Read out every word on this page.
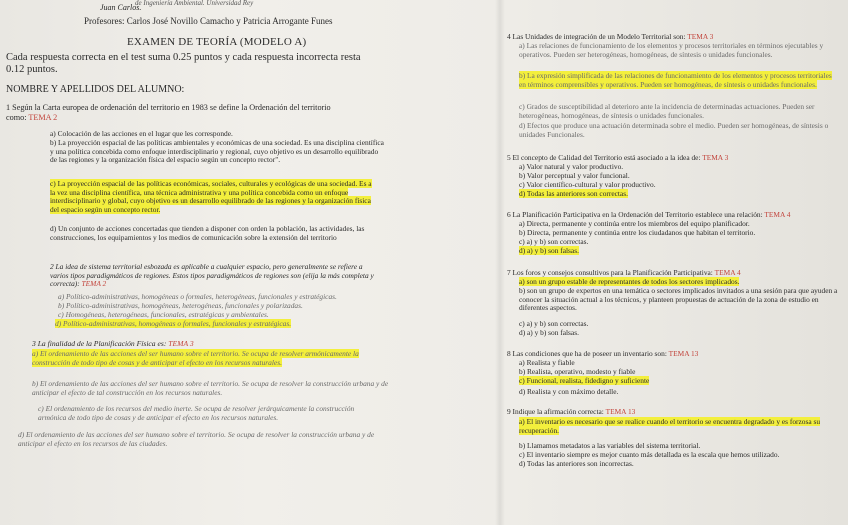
de Ingeniería Ambiental. Universidad Rey
Juan Carlos.
Profesores: Carlos José Novillo Camacho y Patricia Arrogante Funes
EXAMEN DE TEORÍA (MODELO A)
Cada respuesta correcta en el test suma 0.25 puntos y cada respuesta incorrecta resta 0.12 puntos.
NOMBRE Y APELLIDOS DEL ALUMNO:
1 Según la Carta europea de ordenación del territorio en 1983 se define la Ordenación del territorio como: TEMA 2
a) Colocación de las acciones en el lugar que les corresponde.
b) La proyección espacial de las políticas ambientales y económicas de una sociedad. Es una disciplina científica y una política concebida como enfoque interdisciplinario y regional, cuyo objetivo es un desarrollo equilibrado de las regiones y la organización física del espacio según un concepto rector".
c) La proyección espacial de las políticas económicas, sociales, culturales y ecológicas de una sociedad. Es a la vez una disciplina científica, una técnica administrativa y una política concebida como un enfoque interdisciplinario y global, cuyo objetivo es un desarrollo equilibrado de las regiones y la organización física del espacio según un concepto rector.
d) Un conjunto de acciones concertadas que tienden a disponer con orden la población, las actividades, las construcciones, los equipamientos y los medios de comunicación sobre la extensión del territorio
2 La idea de sistema territorial esbozada es aplicable a cualquier espacio, pero generalmente se refiere a varios tipos paradigmáticos de regiones. Estos tipos paradigmáticos de regiones son (elija la más completa y correcta): TEMA 2
a) Político-administrativas, homogéneas o formales, heterogéneas, funcionales y estratégicas.
b) Político-administrativas, homogéneas, heterogéneas, funcionales y polarizadas.
c) Homogéneas, heterogéneas, funcionales, estratégicas y ambientales.
d) Político-administrativas, homogéneas o formales, funcionales y estratégicas.
3 La finalidad de la Planificación Física es: TEMA 3
a) El ordenamiento de las acciones del ser humano sobre el territorio. Se ocupa de resolver armónicamente la construcción de todo tipo de cosas y de anticipar el efecto en los recursos naturales.
b) El ordenamiento de las acciones del ser humano sobre el territorio. Se ocupa de resolver la construcción urbana y de anticipar el efecto de tal construcción en los recursos naturales.
c) El ordenamiento de los recursos del medio inerte. Se ocupa de resolver jerárquicamente la construcción armónica de todo tipo de cosas y de anticipar el efecto en los recursos naturales.
d) El ordenamiento de las acciones del ser humano sobre el territorio. Se ocupa de resolver la construcción urbana y de anticipar el efecto en los recursos de las ciudades.
4 Las Unidades de integración de un Modelo Territorial son: TEMA 3
a) Las relaciones de funcionamiento de los elementos y procesos territoriales en términos ejecutables y operativos. Pueden ser heterogéneas, homogéneas, de síntesis o unidades funcionales.
b) La expresión simplificada de las relaciones de funcionamiento de los elementos y procesos territoriales en términos comprensibles y operativos. Pueden ser homogéneas, de síntesis o unidades funcionales.
c) Grados de susceptibilidad al deterioro ante la incidencia de determinadas actuaciones. Pueden ser heterogéneas, homogéneas, de síntesis o unidades funcionales.
d) Efectos que produce una actuación determinada sobre el medio. Pueden ser homogéneas, de síntesis o unidades Funcionales.
5 El concepto de Calidad del Territorio está asociado a la idea de: TEMA 3
a) Valor natural y valor productivo.
b) Valor perceptual y valor funcional.
c) Valor científico-cultural y valor productivo.
d) Todas las anteriores son correctas.
6 La Planificación Participativa en la Ordenación del Territorio establece una relación: TEMA 4
a) Directa, permanente y continúa entre los miembros del equipo planificador.
b) Directa, permanente y continúa entre los ciudadanos que habitan el territorio.
c) a) y b) son correctas.
d) a) y b) son falsas.
7 Los foros y consejos consultivos para la Planificación Participativa: TEMA 4
a) son un grupo estable de representantes de todos los sectores implicados.
b) son un grupo de expertos en una temática o sectores implicados invitados a una sesión para que ayuden a conocer la situación actual a los técnicos, y planteen propuestas de actuación de la zona de estudio en diferentes aspectos.
c) a) y b) son correctas.
d) a) y b) son falsas.
8 Las condiciones que ha de poseer un inventario son: TEMA 13
a) Realista y fiable
b) Realista, operativo, modesto y fiable
c) Funcional, realista, fidedigno y suficiente
d) Realista y con máximo detalle.
9 Indique la afirmación correcta: TEMA 13
a) El inventario es necesario que se realice cuando el territorio se encuentra degradado y es forzosa su recuperación.
b) Llamamos metadatos a las variables del sistema territorial.
c) El inventario siempre es mejor cuanto más detallada es la escala que hemos utilizado.
d) Todas las anteriores son incorrectas.
